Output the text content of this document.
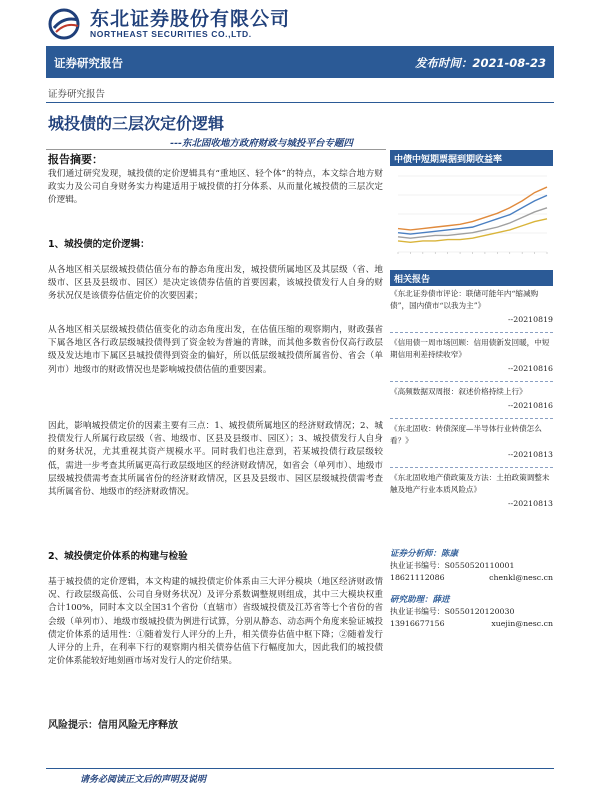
东北证券股份有限公司
NORTHEAST SECURITIES CO.,LTD.
证券研究报告	发布时间：2021-08-23
证券研究报告
城投债的三层次定价逻辑
---东北固收地方政府财政与城投平台专题四
报告摘要：

我们通过研究发现，城投债的定价逻辑具有“重地区、轻个体”的特点，本文综合地方财政实力及公司自身财务实力构建适用于城投债的打分体系、从而量化城投债的三层次定价逻辑。

1、城投债的定价逻辑：

从各地区相关层级城投债估值分布的静态角度出发，城投债所属地区及其层级（省、地级市、区县及县级市、园区）是决定该债券估值的首要因素，该城投债发行人自身的财务状况仅是该债券估值定价的次要因素；

从各地区相关层级城投债估值变化的动态角度出发，在估值压缩的观察期内，财政强省下属各地区各行政层级城投债得到了资金较为普遍的青睐，而其他多数省份仅高行政层级及发达地市下属区县城投债得到资金的偏好，所以低层级城投债所属省份、省会（单列市）地级市的财政情况也是影响城投债估值的重要因素。

因此，影响城投债定价的因素主要有三点：1、城投债所属地区的经济财政情况；2、城投债发行人所属行政层级（省、地级市、区县及县级市、园区）；3、城投债发行人自身的财务状况，尤其重视其资产规模水平。同时我们也注意到，若某城投债行政层级较低，需进一步考查其所属更高行政层级地区的经济财政情况，如省会（单列市）、地级市层级城投债需考查其所属省份的经济财政情况，区县及县级市、园区层级城投债需考查其所属省份、地级市的经济财政情况。

2、城投债定价体系的构建与检验

基于城投债的定价逻辑，本文构建的城投债定价体系由三大评分模块（地区经济财政情况、行政层级高低、公司自身财务状况）及评分系数调整规则组成，其中三大模块权重合计100%，同时本文以全国31个省份（直辖市）省级城投债及江苏省等七个省份的省会级（单列市）、地级市级城投债为例进行试算，分别从静态、动态两个角度来验证城投债定价体系的适用性：①随着发行人评分的上升，相关债券估值中枢下降；②随着发行人评分的上升，在利率下行的观察期内相关债券估值下行幅度加大，因此我们的城投债定价体系能较好地刻画市场对发行人的定价结果。

风险提示：信用风险无序释放
请务必阅读正文后的声明及说明
中债中短期票据到期收益率
相关报告
《东北证券债市评论：联储可能年内“缩减购债”，国内债市“以我为主”》
--20210819
《信用债一周市场回顾：信用债新发回暖，中短期信用利差持续收窄》
--20210816
《高频数据双周报：叙述价格持续上行》
--20210816
《东北固收：转债深度—半导体行业转债怎么看？》
--20210813
《东北固收地产债政策及方法：土拍政策调整未触及地产行业本质风险点》
--20210813
证券分析师：陈康
执业证书编号：S0550520110001
18621112086	chenkl@nesc.cn
研究助理：薛进
执业证书编号：S0550120120030
13916677156	xuejin@nesc.cn
